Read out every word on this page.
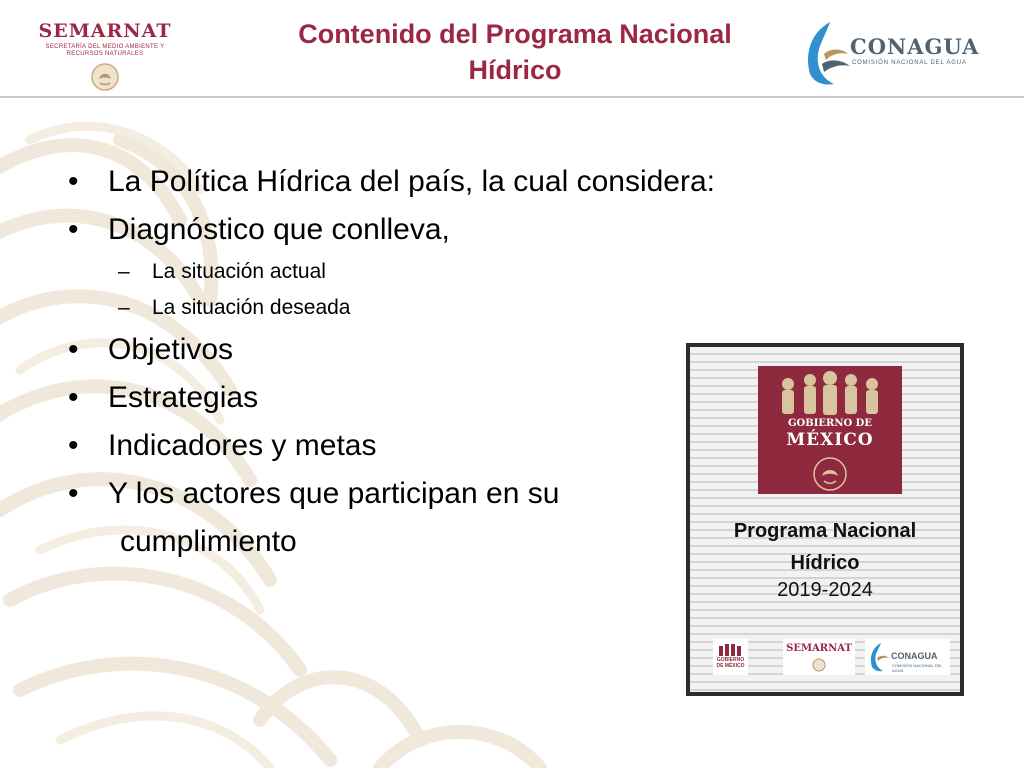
SEMARNAT
SECRETARÍA DEL MEDIO AMBIENTE Y
RECURSOS NATURALES
Contenido del Programa Nacional
Hídrico
CONAGUA
COMISIÓN NACIONAL DEL AGUA
• La Política Hídrica del país, la cual considera:
• Diagnóstico que conlleva,
– La situación actual
– La situación deseada
• Objetivos
• Estrategias
• Indicadores y metas
• Y los actores que participan en su
cumplimiento
GOBIERNO DE
MÉXICO
Programa Nacional
Hídrico
2019-2024
GOBIERNO DE MÉXICO
SEMARNAT
CONAGUA
COMISIÓN NACIONAL DEL AGUA
